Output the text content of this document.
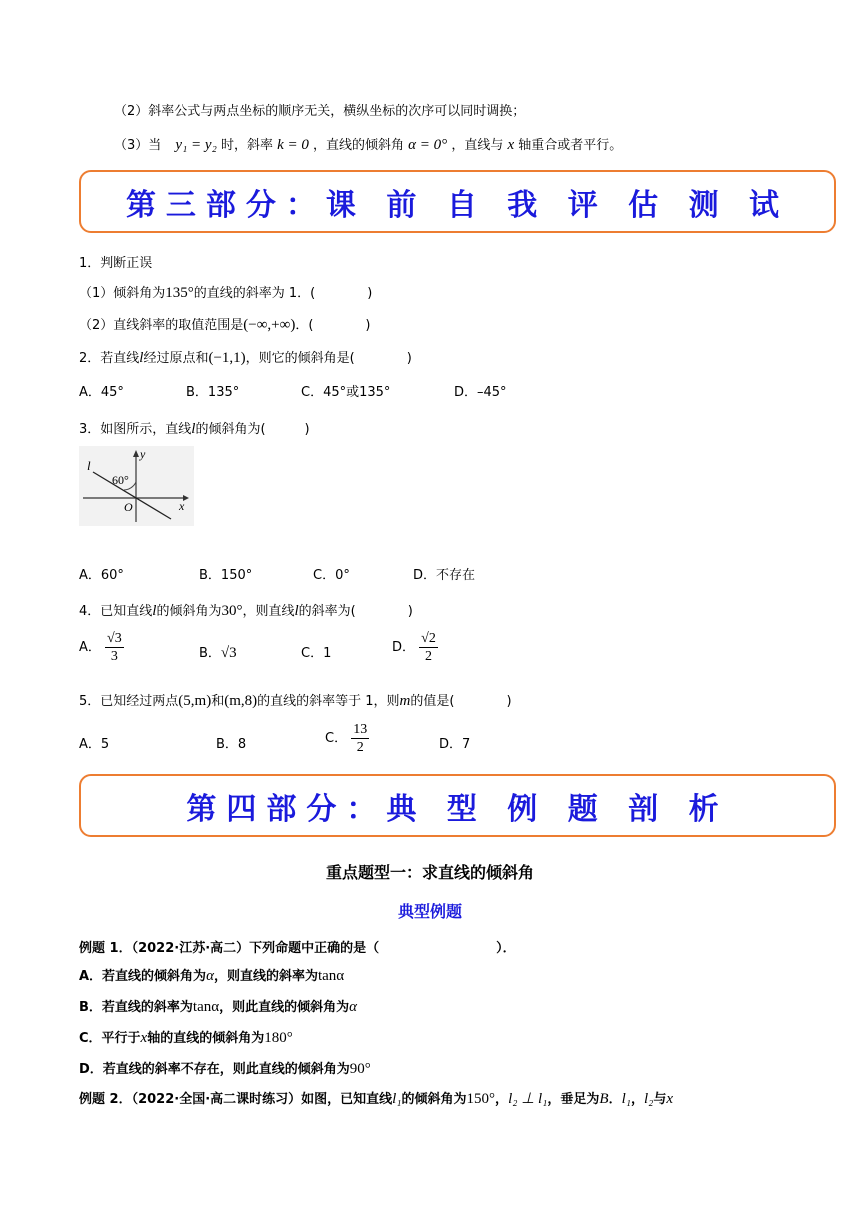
（2）斜率公式与两点坐标的顺序无关，横纵坐标的次序可以同时调换；
（3）当 y₁ = y₂ 时，斜率 k = 0 ，直线的倾斜角 α = 0° ，直线与 x 轴重合或者平行。
第三部分：课 前 自 我 评 估 测 试
1．判断正误
（1）倾斜角为135°的直线的斜率为 1．(　　　　)
（2）直线斜率的取值范围是(−∞,+∞)．(　　　　)
2．若直线l经过原点和(−1,1)，则它的倾斜角是(　　　　)
A．45°	B．135°	C．45°或135°	D．–45°
3．如图所示，直线l的倾斜角为(　　　)
l
60°
y
x
O
A．60°	B．150°	C．0°	D．不存在
4．已知直线l的倾斜角为30°，则直线l的斜率为(　　　　)
A． $\frac{√3}{3}$	B．√3	C．1	D． $\frac{√2}{2}$
5．已知经过两点(5,m)和(m,8)的直线的斜率等于 1，则m的值是(　　　　)
A．5	B．8	C． $\frac{13}{2}$	D．7
第四部分：典 型 例 题 剖 析
重点题型一：求直线的倾斜角
典型例题
例题 1．（2022·江苏·高二）下列命题中正确的是（　　　　　　　　　）．
A．若直线的倾斜角为α，则直线的斜率为tanα
B．若直线的斜率为tanα，则此直线的倾斜角为α
C．平行于x轴的直线的倾斜角为180°
D．若直线的斜率不存在，则此直线的倾斜角为90°
例题 2．（2022·全国·高二课时练习）如图，已知直线l₁的倾斜角为150°，l₂ ⊥ l₁，垂足为B．l₁，l₂与x
